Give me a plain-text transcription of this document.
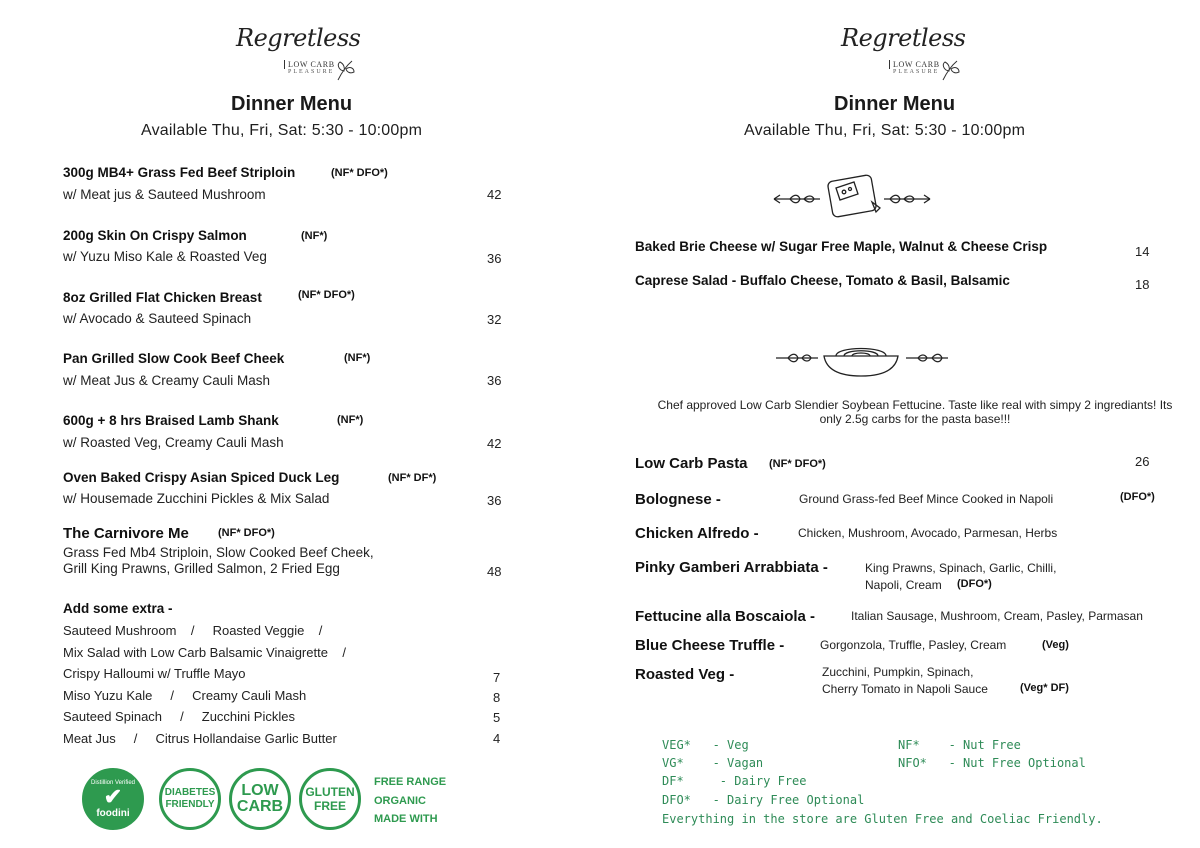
Regretless
LOW CARB
PLEASURE
Dinner Menu
Available Thu, Fri, Sat: 5:30 - 10:00pm
300g MB4+ Grass Fed Beef Striploin	(NF* DFO*)
w/ Meat jus & Sauteed Mushroom	42
200g Skin On Crispy Salmon	(NF*)
w/ Yuzu Miso Kale & Roasted Veg	36
8oz Grilled Flat Chicken Breast	(NF* DFO*)
w/ Avocado & Sauteed Spinach	32
Pan Grilled Slow Cook Beef Cheek	(NF*)
w/ Meat Jus & Creamy Cauli Mash	36
600g + 8 hrs Braised Lamb Shank	(NF*)
w/ Roasted Veg, Creamy Cauli Mash	42
Oven Baked Crispy Asian Spiced Duck Leg	(NF* DF*)
w/ Housemade Zucchini Pickles & Mix Salad	36
The Carnivore Me	(NF* DFO*)
Grass Fed Mb4 Striploin, Slow Cooked Beef Cheek,
Grill King Prawns, Grilled Salmon, 2 Fried Egg	48
Add some extra -
Sauteed Mushroom    /     Roasted Veggie    /
Mix Salad with Low Carb Balsamic Vinaigrette    /
Crispy Halloumi w/ Truffle Mayo	7
Miso Yuzu Kale     /     Creamy Cauli Mash	8
Sauteed Spinach     /     Zucchini Pickles	5
Meat Jus     /     Citrus Hollandaise Garlic Butter	4
Distillion Verified
✔
foodini
DIABETES FRIENDLY
LOW
CARB
GLUTEN
FREE
FREE RANGE
ORGANIC
MADE WITH
Regretless
LOW CARB
PLEASURE
Dinner Menu
Available Thu, Fri, Sat: 5:30 - 10:00pm
Baked Brie Cheese w/ Sugar Free Maple, Walnut & Cheese Crisp	14
Caprese Salad - Buffalo Cheese, Tomato & Basil, Balsamic	18
Chef approved Low Carb Slendier Soybean Fettucine. Taste like real with simpy 2 ingrediants! Its only 2.5g carbs for the pasta base!!!
Low Carb Pasta (NF* DFO*)	26
Bolognese -	Ground Grass-fed Beef Mince Cooked in Napoli	(DFO*)
Chicken Alfredo -	Chicken, Mushroom, Avocado, Parmesan, Herbs
Pinky Gamberi Arrabbiata -	King Prawns, Spinach, Garlic, Chilli,
Napoli, Cream (DFO*)
Fettucine alla Boscaiola -	Italian Sausage, Mushroom, Cream, Pasley, Parmasan
Blue Cheese Truffle -	Gorgonzola, Truffle, Pasley, Cream	(Veg)
Roasted Veg -	Zucchini, Pumpkin, Spinach,
Cherry Tomato in Napoli Sauce	(Veg* DF)
VEG*   - Veg
VG*    - Vagan
DF*     - Dairy Free
DFO*   - Dairy Free Optional
NF*    - Nut Free
NFO*   - Nut Free Optional
Everything in the store are Gluten Free and Coeliac Friendly.
